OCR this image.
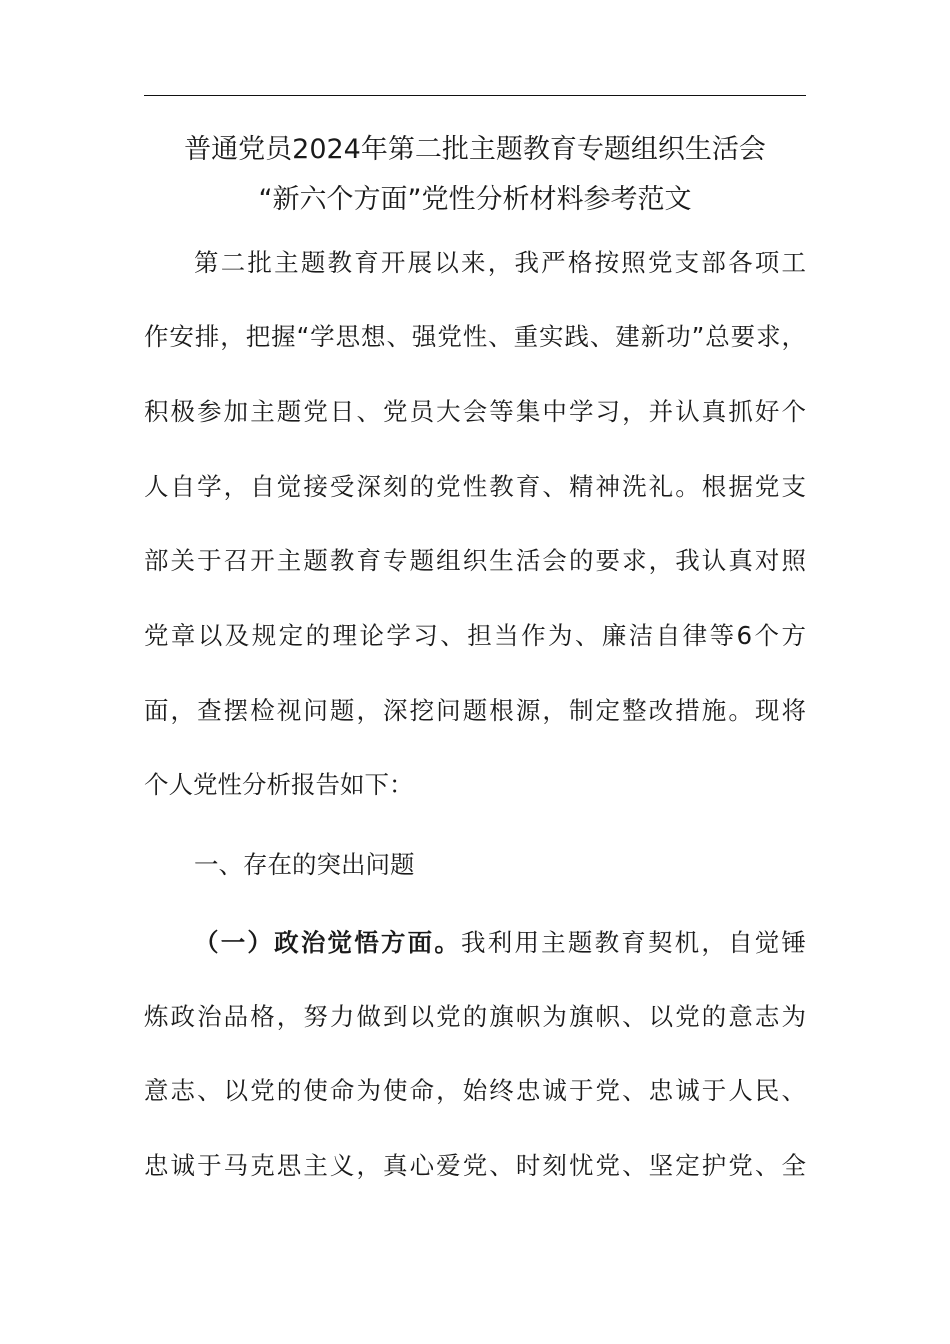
普通党员2024年第二批主题教育专题组织生活会
“新六个方面”党性分析材料参考范文
第二批主题教育开展以来，我严格按照党支部各项工
作安排，把握“学思想、强党性、重实践、建新功”总要求，
积极参加主题党日、党员大会等集中学习，并认真抓好个
人自学，自觉接受深刻的党性教育、精神洗礼。根据党支
部关于召开主题教育专题组织生活会的要求，我认真对照
党章以及规定的理论学习、担当作为、廉洁自律等6个方
面，查摆检视问题，深挖问题根源，制定整改措施。现将
个人党性分析报告如下：
一、存在的突出问题
（一）政治觉悟方面。我利用主题教育契机，自觉锤
炼政治品格，努力做到以党的旗帜为旗帜、以党的意志为
意志、以党的使命为使命，始终忠诚于党、忠诚于人民、
忠诚于马克思主义，真心爱党、时刻忧党、坚定护党、全
